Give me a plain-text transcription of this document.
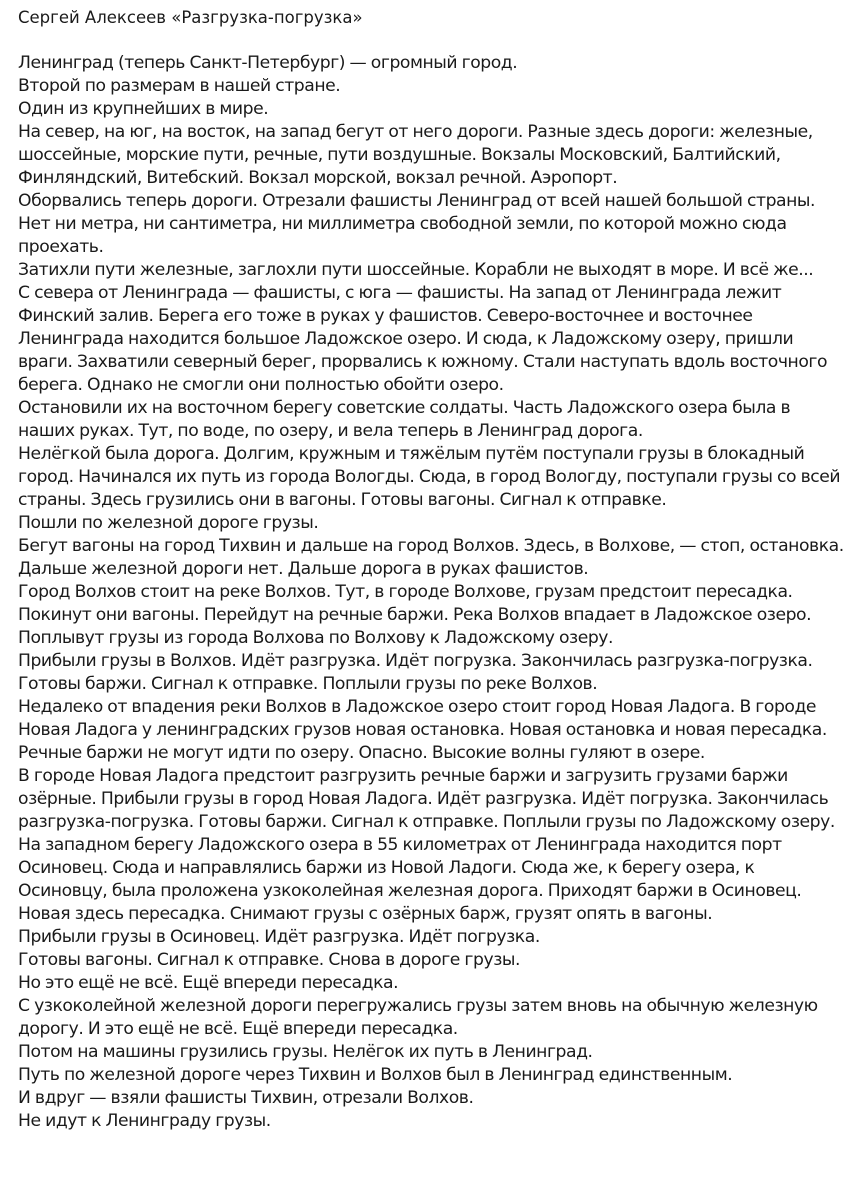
Сергей Алексеев «Разгрузка-погрузка»

Ленинград (теперь Санкт-Петербург) — огромный город.

Второй по размерам в нашей стране.

Один из крупнейших в мире.

На север, на юг, на восток, на запад бегут от него дороги. Разные здесь дороги: железные, шоссейные, морские пути, речные, пути воздушные. Вокзалы Московский, Балтийский, Финляндский, Витебский. Вокзал морской, вокзал речной. Аэропорт.

Оборвались теперь дороги. Отрезали фашисты Ленинград от всей нашей большой страны. Нет ни метра, ни сантиметра, ни миллиметра свободной земли, по которой можно сюда проехать.

Затихли пути железные, заглохли пути шоссейные. Корабли не выходят в море. И всё же...

С севера от Ленинграда — фашисты, с юга — фашисты. На запад от Ленинграда лежит Финский залив. Берега его тоже в руках у фашистов. Северо-восточнее и восточнее Ленинграда находится большое Ладожское озеро. И сюда, к Ладожскому озеру, пришли враги. Захватили северный берег, прорвались к южному. Стали наступать вдоль восточного берега. Однако не смогли они полностью обойти озеро.

Остановили их на восточном берегу советские солдаты. Часть Ладожского озера была в наших руках. Тут, по воде, по озеру, и вела теперь в Ленинград дорога.

Нелёгкой была дорога. Долгим, кружным и тяжёлым путём поступали грузы в блокадный город. Начинался их путь из города Вологды. Сюда, в город Вологду, поступали грузы со всей страны. Здесь грузились они в вагоны. Готовы вагоны. Сигнал к отправке.

Пошли по железной дороге грузы.

Бегут вагоны на город Тихвин и дальше на город Волхов. Здесь, в Волхове, — стоп, остановка. Дальше железной дороги нет. Дальше дорога в руках фашистов.

Город Волхов стоит на реке Волхов. Тут, в городе Волхове, грузам предстоит пересадка.

Покинут они вагоны. Перейдут на речные баржи. Река Волхов впадает в Ладожское озеро.

Поплывут грузы из города Волхова по Волхову к Ладожскому озеру.

Прибыли грузы в Волхов. Идёт разгрузка. Идёт погрузка. Закончилась разгрузка-погрузка. Готовы баржи. Сигнал к отправке. Поплыли грузы по реке Волхов.

Недалеко от впадения реки Волхов в Ладожское озеро стоит город Новая Ладога. В городе Новая Ладога у ленинградских грузов новая остановка. Новая остановка и новая пересадка. Речные баржи не могут идти по озеру. Опасно. Высокие волны гуляют в озере.

В городе Новая Ладога предстоит разгрузить речные баржи и загрузить грузами баржи озёрные. Прибыли грузы в город Новая Ладога. Идёт разгрузка. Идёт погрузка. Закончилась разгрузка-погрузка. Готовы баржи. Сигнал к отправке. Поплыли грузы по Ладожскому озеру.

На западном берегу Ладожского озера в 55 километрах от Ленинграда находится порт Осиновец. Сюда и направлялись баржи из Новой Ладоги. Сюда же, к берегу озера, к Осиновцу, была проложена узкоколейная железная дорога. Приходят баржи в Осиновец.

Новая здесь пересадка. Снимают грузы с озёрных барж, грузят опять в вагоны.

Прибыли грузы в Осиновец. Идёт разгрузка. Идёт погрузка.

Готовы вагоны. Сигнал к отправке. Снова в дороге грузы.

Но это ещё не всё. Ещё впереди пересадка.

С узкоколейной железной дороги перегружались грузы затем вновь на обычную железную дорогу. И это ещё не всё. Ещё впереди пересадка.

Потом на машины грузились грузы. Нелёгок их путь в Ленинград.

Путь по железной дороге через Тихвин и Волхов был в Ленинград единственным.

И вдруг — взяли фашисты Тихвин, отрезали Волхов.

Не идут к Ленинграду грузы.
